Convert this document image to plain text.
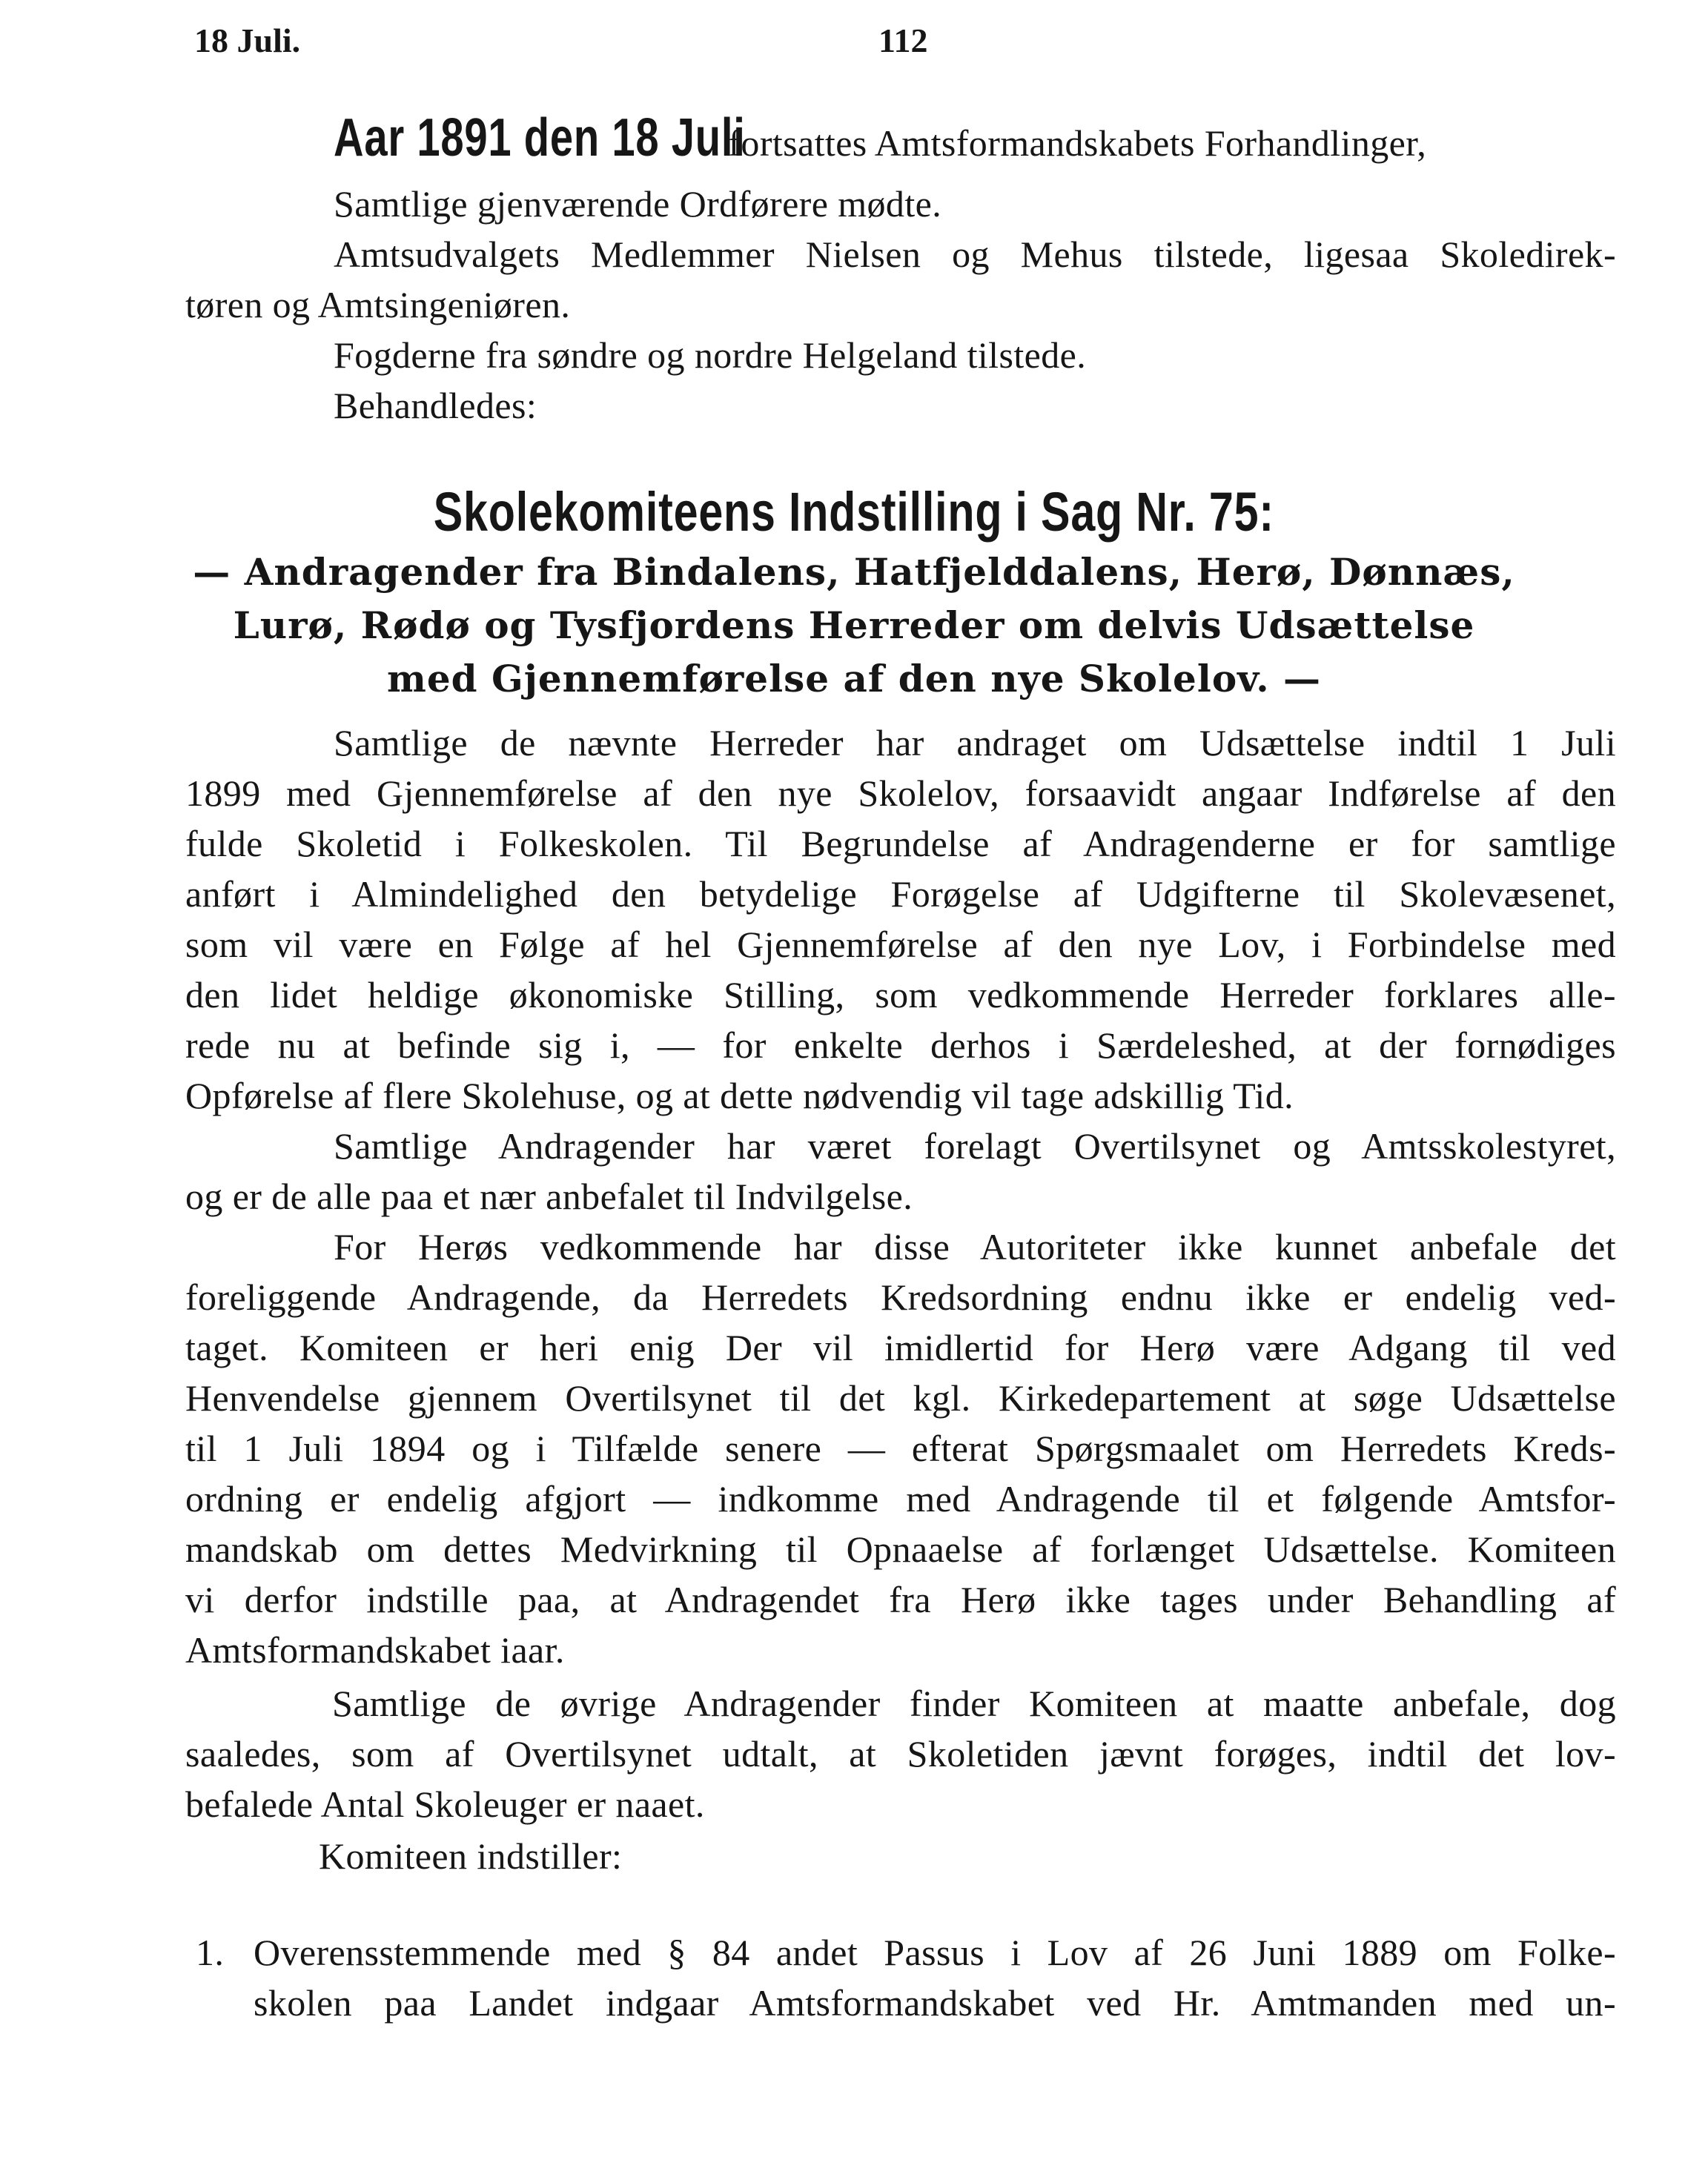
18 Juli.	112
Aar 1891 den 18 Julifortsattes Amtsformandskabets Forhandlinger,
Samtlige gjenværende Ordførere mødte.
Amtsudvalgets Medlemmer Nielsen og Mehus tilstede, ligesaa Skoledirek-
tøren og Amtsingeniøren.
Fogderne fra søndre og nordre Helgeland tilstede.
Behandledes:
Skolekomiteens Indstilling i Sag Nr. 75:
— Andragender fra Bindalens, Hatfjelddalens, Herø, Dønnæs,
Lurø, Rødø og Tysfjordens Herreder om delvis Udsættelse
med Gjennemførelse af den nye Skolelov. —
Samtlige de nævnte Herreder har andraget om Udsættelse indtil 1 Juli
1899 med Gjennemførelse af den nye Skolelov, forsaavidt angaar Indførelse af den
fulde Skoletid i Folkeskolen. Til Begrundelse af Andragenderne er for samtlige
anført i Almindelighed den betydelige Forøgelse af Udgifterne til Skolevæsenet,
som vil være en Følge af hel Gjennemførelse af den nye Lov, i Forbindelse med
den lidet heldige økonomiske Stilling, som vedkommende Herreder forklares alle-
rede nu at befinde sig i, — for enkelte derhos i Særdeleshed, at der fornødiges
Opførelse af flere Skolehuse, og at dette nødvendig vil tage adskillig Tid.
Samtlige Andragender har været forelagt Overtilsynet og Amtsskolestyret,
og er de alle paa et nær anbefalet til Indvilgelse.
For Herøs vedkommende har disse Autoriteter ikke kunnet anbefale det
foreliggende Andragende, da Herredets Kredsordning endnu ikke er endelig ved-
taget. Komiteen er heri enig Der vil imidlertid for Herø være Adgang til ved
Henvendelse gjennem Overtilsynet til det kgl. Kirkedepartement at søge Udsættelse
til 1 Juli 1894 og i Tilfælde senere — efterat Spørgsmaalet om Herredets Kreds-
ordning er endelig afgjort — indkomme med Andragende til et følgende Amtsfor-
mandskab om dettes Medvirkning til Opnaaelse af forlænget Udsættelse. Komiteen
vi derfor indstille paa, at Andragendet fra Herø ikke tages under Behandling af
Amtsformandskabet iaar.
Samtlige de øvrige Andragender finder Komiteen at maatte anbefale, dog
saaledes, som af Overtilsynet udtalt, at Skoletiden jævnt forøges, indtil det lov-
befalede Antal Skoleuger er naaet.
Komiteen indstiller:
1. Overensstemmende med § 84 andet Passus i Lov af 26 Juni 1889 om Folke-
skolen paa Landet indgaar Amtsformandskabet ved Hr. Amtmanden med un-
